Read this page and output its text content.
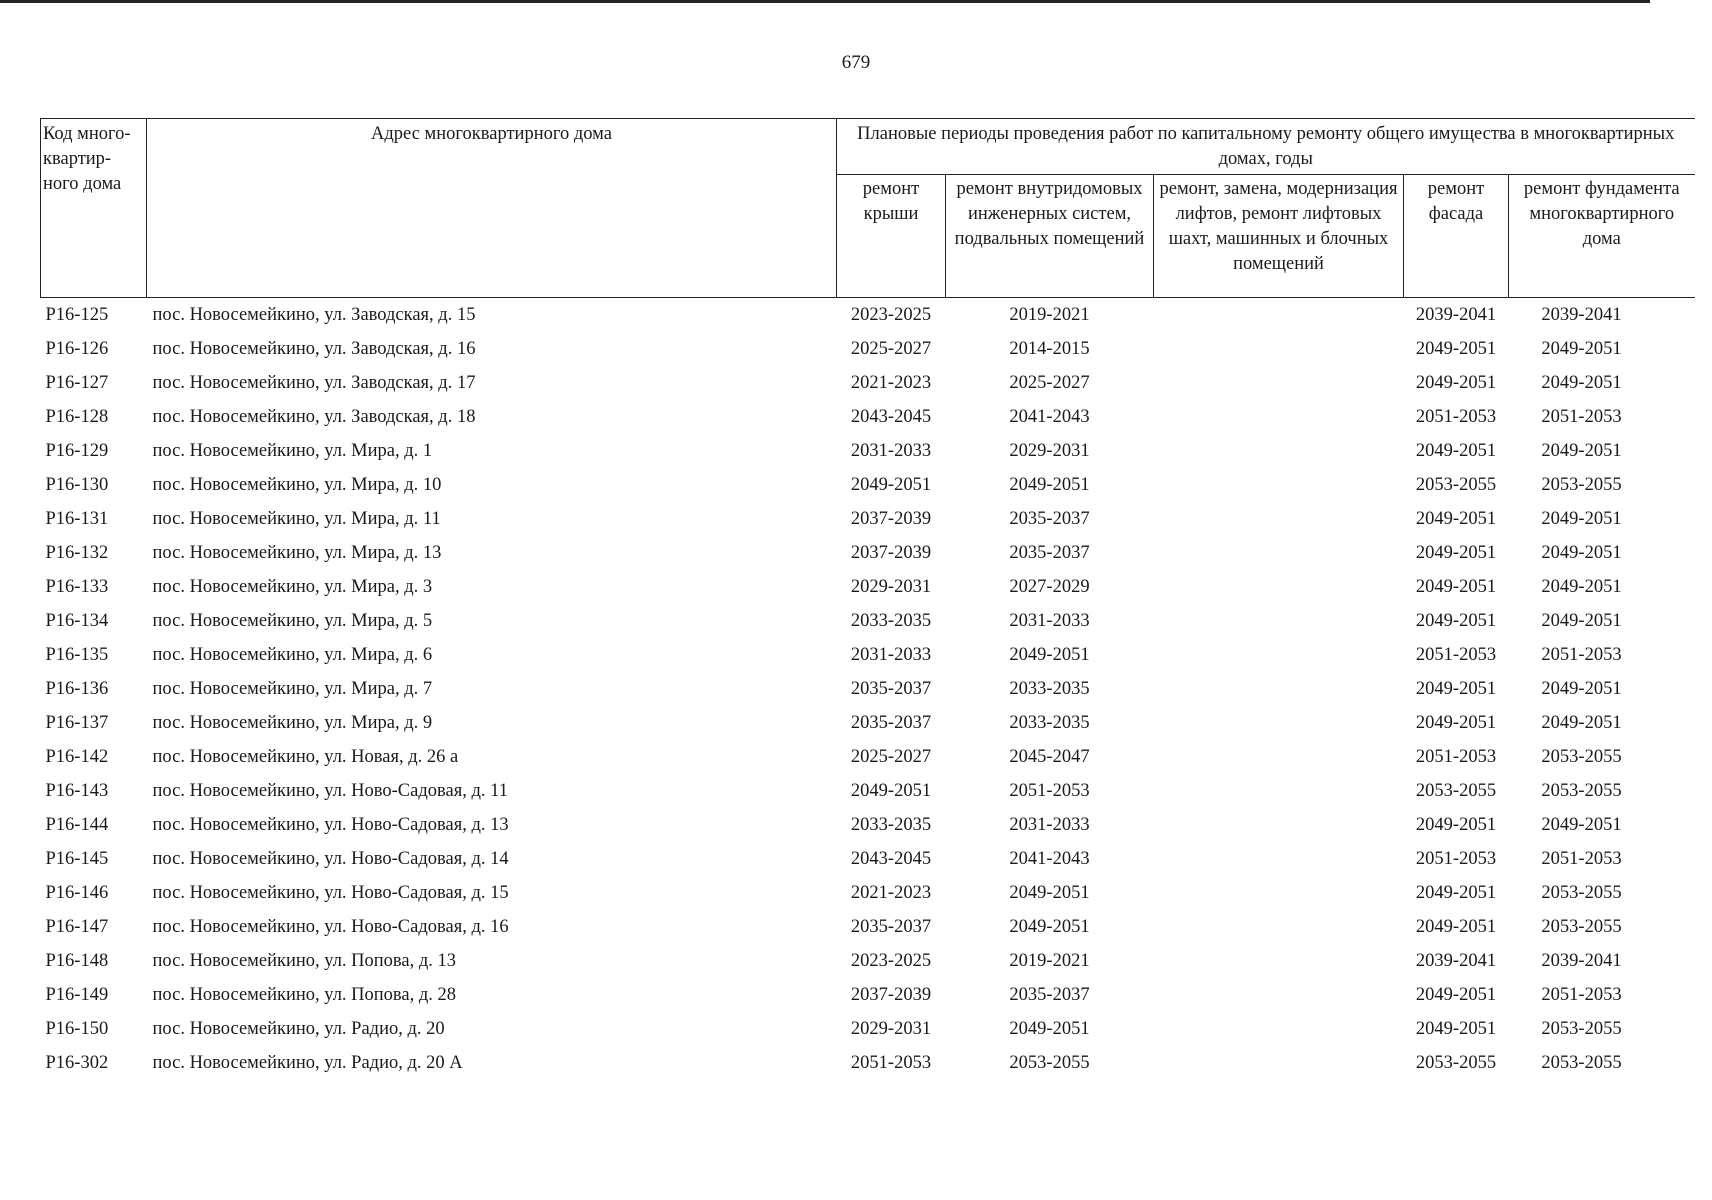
679
Код много-квартир-ного дома	Адрес многоквартирного дома	Плановые периоды проведения работ по капитальному ремонту общего имущества в многоквартирных домах, годы				
		ремонт крыши	ремонт внутридомовых инженерных систем, подвальных помещений	ремонт, замена, модернизация лифтов, ремонт лифтовых шахт, машинных и блочных помещений	ремонт фасада	ремонт фундамента многоквартирного дома
P16-125	пос. Новосемейкино, ул. Заводская, д. 15	2023-2025	2019-2021		2039-2041	2039-2041
P16-126	пос. Новосемейкино, ул. Заводская, д. 16	2025-2027	2014-2015		2049-2051	2049-2051
P16-127	пос. Новосемейкино, ул. Заводская, д. 17	2021-2023	2025-2027		2049-2051	2049-2051
P16-128	пос. Новосемейкино, ул. Заводская, д. 18	2043-2045	2041-2043		2051-2053	2051-2053
P16-129	пос. Новосемейкино, ул. Мира, д. 1	2031-2033	2029-2031		2049-2051	2049-2051
P16-130	пос. Новосемейкино, ул. Мира, д. 10	2049-2051	2049-2051		2053-2055	2053-2055
P16-131	пос. Новосемейкино, ул. Мира, д. 11	2037-2039	2035-2037		2049-2051	2049-2051
P16-132	пос. Новосемейкино, ул. Мира, д. 13	2037-2039	2035-2037		2049-2051	2049-2051
P16-133	пос. Новосемейкино, ул. Мира, д. 3	2029-2031	2027-2029		2049-2051	2049-2051
P16-134	пос. Новосемейкино, ул. Мира, д. 5	2033-2035	2031-2033		2049-2051	2049-2051
P16-135	пос. Новосемейкино, ул. Мира, д. 6	2031-2033	2049-2051		2051-2053	2051-2053
P16-136	пос. Новосемейкино, ул. Мира, д. 7	2035-2037	2033-2035		2049-2051	2049-2051
P16-137	пос. Новосемейкино, ул. Мира, д. 9	2035-2037	2033-2035		2049-2051	2049-2051
P16-142	пос. Новосемейкино, ул. Новая, д. 26 а	2025-2027	2045-2047		2051-2053	2053-2055
P16-143	пос. Новосемейкино, ул. Ново-Садовая, д. 11	2049-2051	2051-2053		2053-2055	2053-2055
P16-144	пос. Новосемейкино, ул. Ново-Садовая, д. 13	2033-2035	2031-2033		2049-2051	2049-2051
P16-145	пос. Новосемейкино, ул. Ново-Садовая, д. 14	2043-2045	2041-2043		2051-2053	2051-2053
P16-146	пос. Новосемейкино, ул. Ново-Садовая, д. 15	2021-2023	2049-2051		2049-2051	2053-2055
P16-147	пос. Новосемейкино, ул. Ново-Садовая, д. 16	2035-2037	2049-2051		2049-2051	2053-2055
P16-148	пос. Новосемейкино, ул. Попова, д. 13	2023-2025	2019-2021		2039-2041	2039-2041
P16-149	пос. Новосемейкино, ул. Попова, д. 28	2037-2039	2035-2037		2049-2051	2051-2053
P16-150	пос. Новосемейкино, ул. Радио, д. 20	2029-2031	2049-2051		2049-2051	2053-2055
P16-302	пос. Новосемейкино, ул. Радио, д. 20 А	2051-2053	2053-2055		2053-2055	2053-2055
